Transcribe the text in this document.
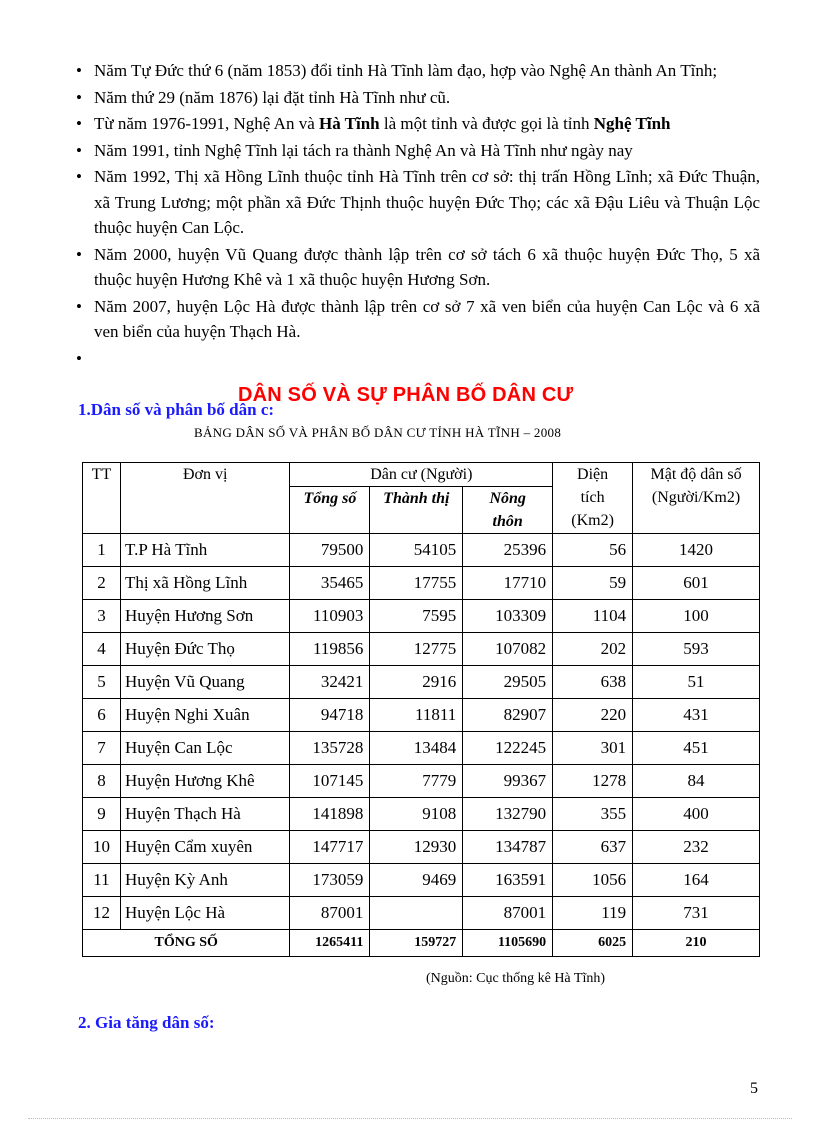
• Năm Tự Đức thứ 6 (năm 1853) đổi tỉnh Hà Tĩnh làm đạo, hợp vào Nghệ An thành An Tĩnh;
• Năm thứ 29 (năm 1876) lại đặt tỉnh Hà Tĩnh như cũ.
• Từ năm 1976-1991, Nghệ An và Hà Tĩnh là một tỉnh và được gọi là tỉnh Nghệ Tĩnh
• Năm 1991, tỉnh Nghệ Tĩnh lại tách ra thành Nghệ An và Hà Tĩnh như ngày nay
• Năm 1992, Thị xã Hồng Lĩnh thuộc tỉnh Hà Tĩnh trên cơ sở: thị trấn Hồng Lĩnh; xã Đức Thuận, xã Trung Lương; một phần xã Đức Thịnh thuộc huyện Đức Thọ; các xã Đậu Liêu và Thuận Lộc thuộc huyện Can Lộc.
• Năm 2000, huyện Vũ Quang được thành lập trên cơ sở tách 6 xã thuộc huyện Đức Thọ, 5 xã thuộc huyện Hương Khê và 1 xã thuộc huyện Hương Sơn.
• Năm 2007, huyện Lộc Hà được thành lập trên cơ sở 7 xã ven biển của huyện Can Lộc và 6 xã ven biển của huyện Thạch Hà.
•
1.Dân số và phân bố dân c:
DÂN SỐ VÀ SỰ PHÂN BỐ DÂN CƯ
BẢNG DÂN SỐ VÀ PHÂN BỐ DÂN CƯ TỈNH HÀ TĨNH – 2008
TT	Đơn vị	Dân cư (Người)			Diện tích (Km2)	Mật độ dân số (Người/Km2)
		Tổng số	Thành thị	Nông thôn		
1	T.P Hà Tĩnh	79500	54105	25396	56	1420
2	Thị xã Hồng Lĩnh	35465	17755	17710	59	601
3	Huyện Hương Sơn	110903	7595	103309	1104	100
4	Huyện Đức Thọ	119856	12775	107082	202	593
5	Huyện Vũ Quang	32421	2916	29505	638	51
6	Huyện Nghi Xuân	94718	11811	82907	220	431
7	Huyện Can Lộc	135728	13484	122245	301	451
8	Huyện Hương Khê	107145	7779	99367	1278	84
9	Huyện Thạch Hà	141898	9108	132790	355	400
10	Huyện Cẩm xuyên	147717	12930	134787	637	232
11	Huyện Kỳ Anh	173059	9469	163591	1056	164
12	Huyện Lộc Hà	87001		87001	119	731
TỔNG SỐ		1265411	159727	1105690	6025	210
(Nguồn: Cục thống kê Hà Tĩnh)
2. Gia tăng dân số:
5
